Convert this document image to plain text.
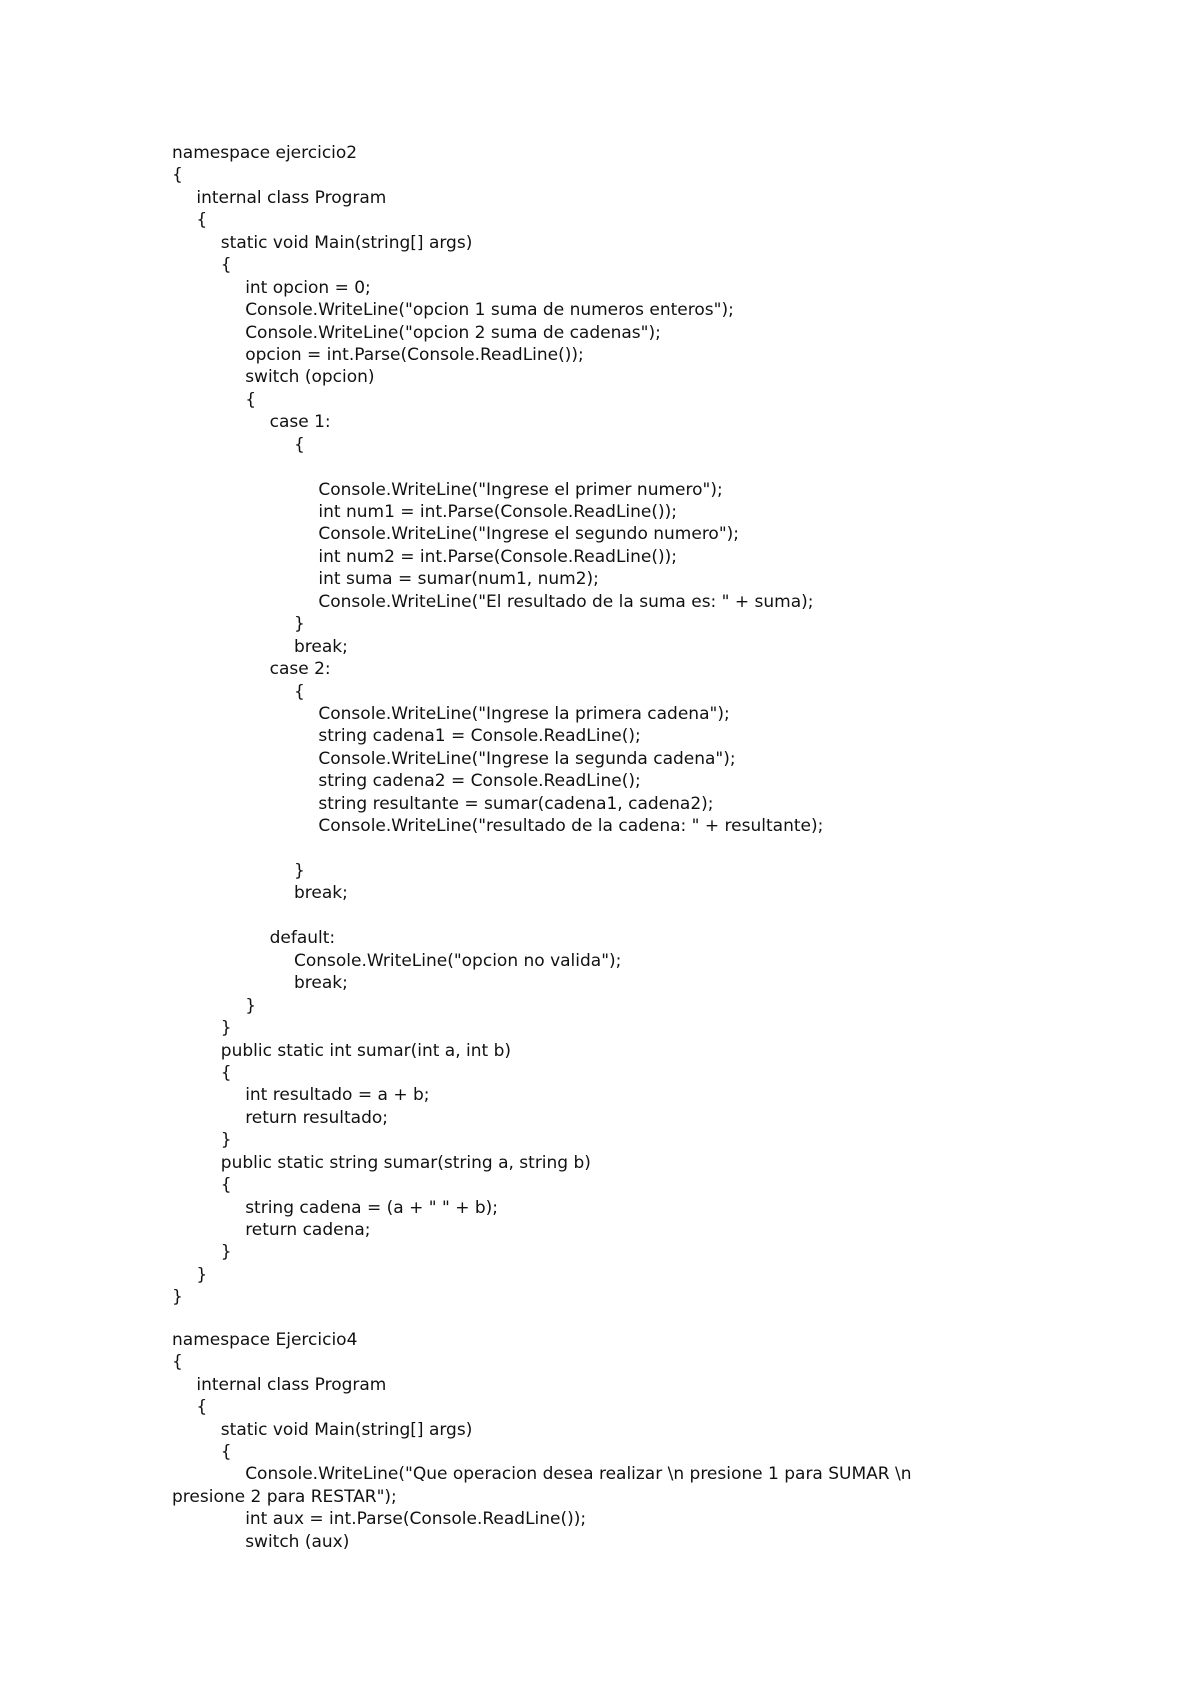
namespace ejercicio2
{
internal class Program
{
static void Main(string[] args)
{
int opcion = 0;
Console.WriteLine("opcion 1 suma de numeros enteros");
Console.WriteLine("opcion 2 suma de cadenas");
opcion = int.Parse(Console.ReadLine());
switch (opcion)
{
case 1:
{
Console.WriteLine("Ingrese el primer numero");
int num1 = int.Parse(Console.ReadLine());
Console.WriteLine("Ingrese el segundo numero");
int num2 = int.Parse(Console.ReadLine());
int suma = sumar(num1, num2);
Console.WriteLine("El resultado de la suma es: " + suma);
}
break;
case 2:
{
Console.WriteLine("Ingrese la primera cadena");
string cadena1 = Console.ReadLine();
Console.WriteLine("Ingrese la segunda cadena");
string cadena2 = Console.ReadLine();
string resultante = sumar(cadena1, cadena2);
Console.WriteLine("resultado de la cadena: " + resultante);
}
break;
default:
Console.WriteLine("opcion no valida");
break;
}
}
public static int sumar(int a, int b)
{
int resultado = a + b;
return resultado;
}
public static string sumar(string a, string b)
{
string cadena = (a + " " + b);
return cadena;
}
}
}
namespace Ejercicio4
{
internal class Program
{
static void Main(string[] args)
{
Console.WriteLine("Que operacion desea realizar \n presione 1 para SUMAR \n
presione 2 para RESTAR");
int aux = int.Parse(Console.ReadLine());
switch (aux)
